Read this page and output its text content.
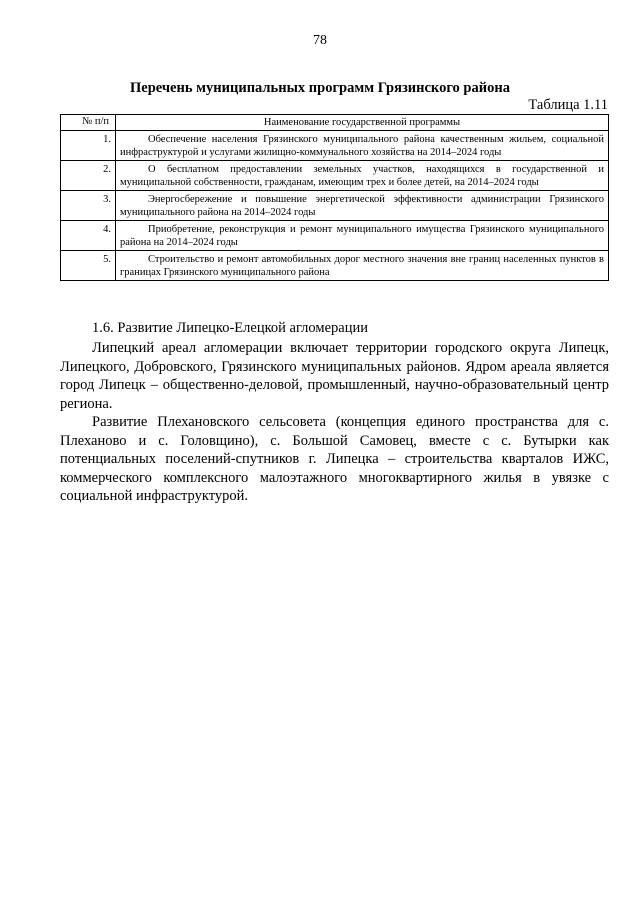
78
Перечень муниципальных программ Грязинского района
Таблица 1.11
№ п/п	Наименование государственной программы
1.	Обеспечение населения Грязинского муниципального района качественным жильем, социальной инфраструктурой и услугами жилищно-коммунального хозяйства на 2014–2024 годы
2.	О бесплатном предоставлении земельных участков, находящихся в государственной и муниципальной собственности, гражданам, имеющим трех и более детей, на 2014–2024 годы
3.	Энергосбережение и повышение энергетической эффективности администрации Грязинского муниципального района на 2014–2024 годы
4.	Приобретение, реконструкция и ремонт муниципального имущества Грязинского муниципального района на 2014–2024 годы
5.	Строительство и ремонт автомобильных дорог местного значения вне границ населенных пунктов в границах Грязинского муниципального района
1.6. Развитие Липецко-Елецкой агломерации

Липецкий ареал агломерации включает территории городского округа Липецк, Липецкого, Добровского, Грязинского муниципальных районов. Ядром ареала является город Липецк – общественно-деловой, промышленный, научно-образовательный центр региона.

Развитие Плехановского сельсовета (концепция единого пространства для с. Плеханово и с. Головщино), с. Большой Самовец, вместе с с. Бутырки как потенциальных поселений-спутников г. Липецка – строительства кварталов ИЖС, коммерческого комплексного малоэтажного многоквартирного жилья в увязке с социальной инфраструктурой.
